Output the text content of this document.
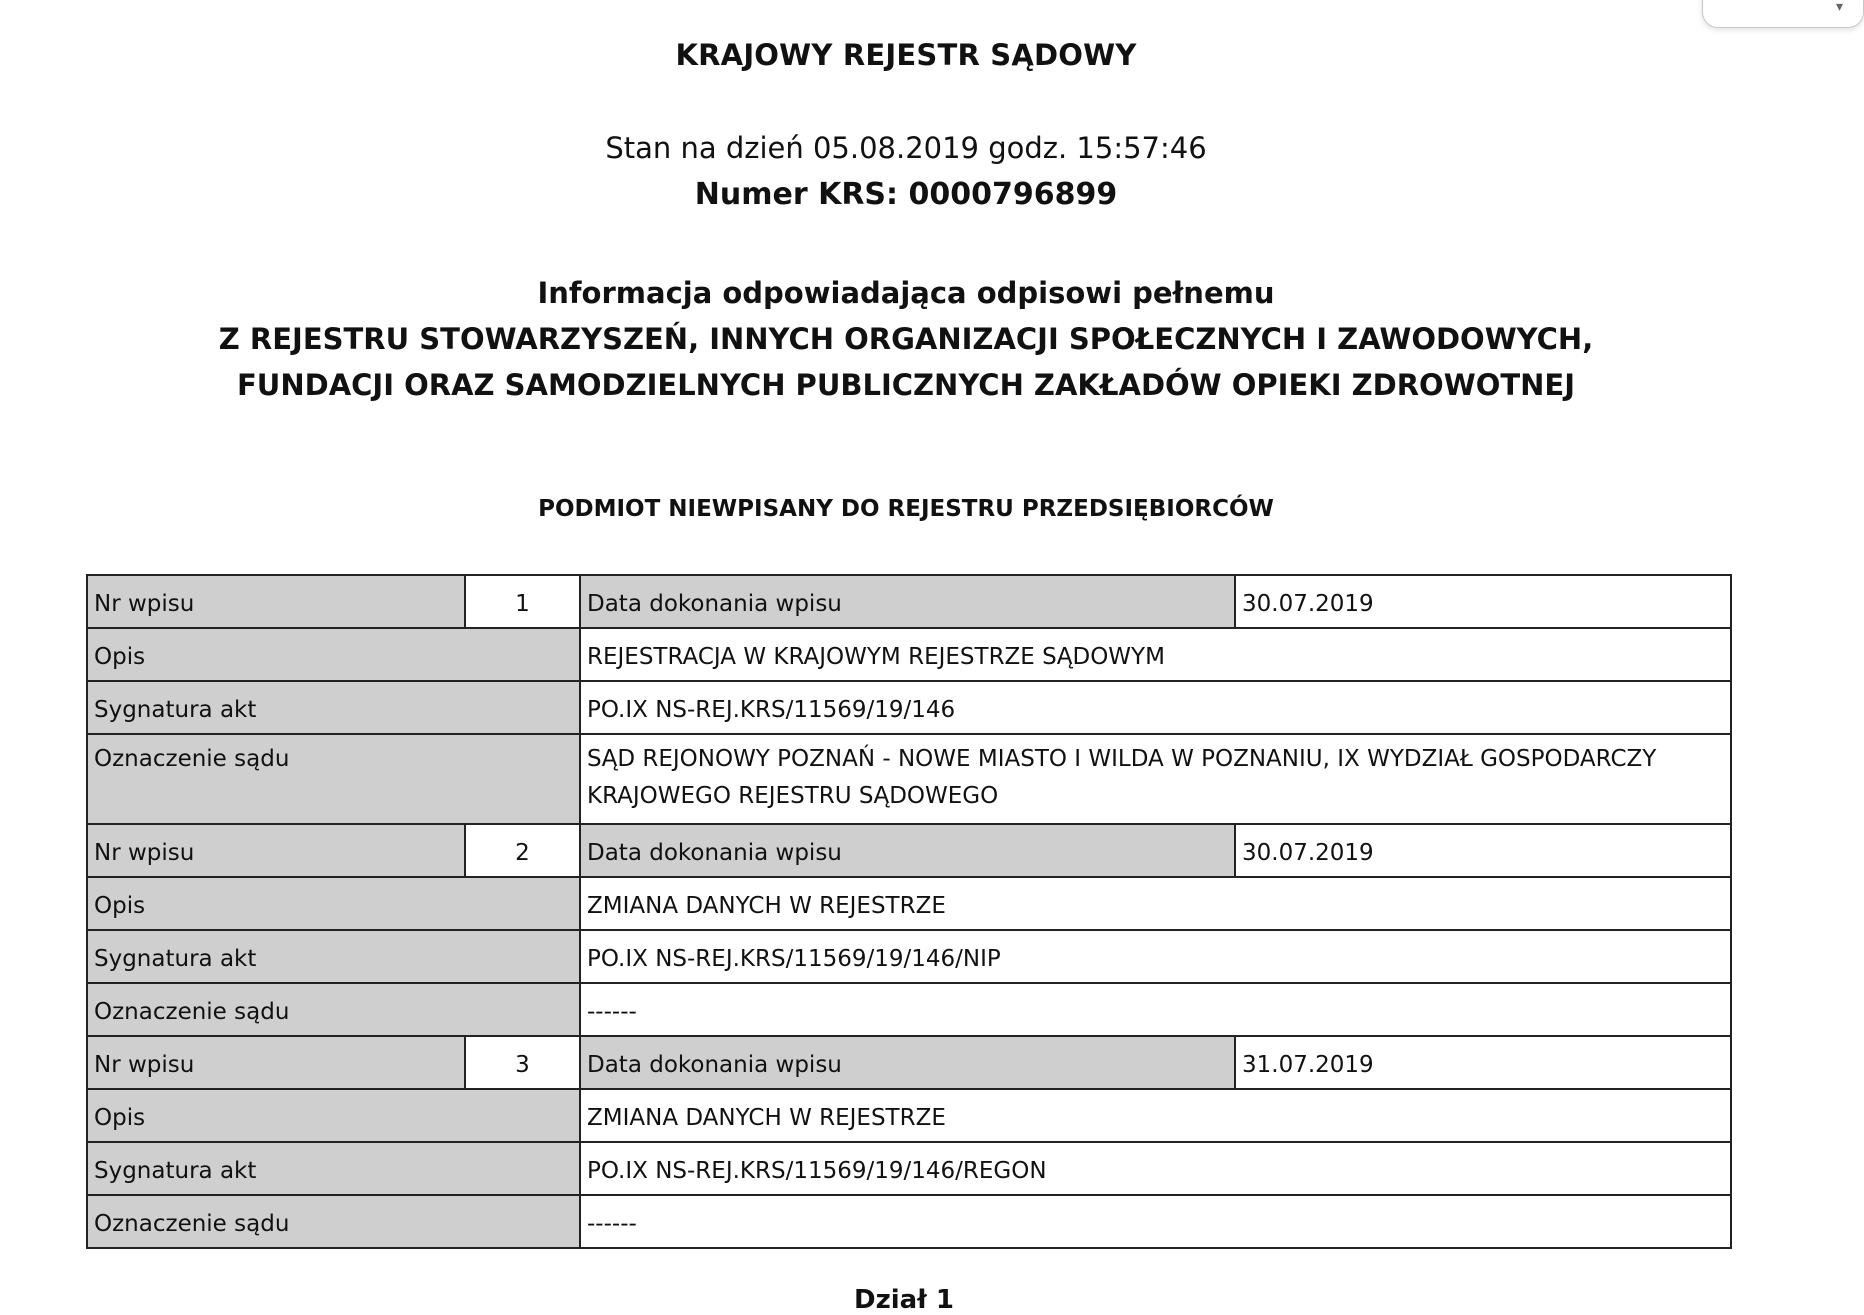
▾
KRAJOWY REJESTR SĄDOWY
Stan na dzień 05.08.2019 godz. 15:57:46
Numer KRS: 0000796899
Informacja odpowiadająca odpisowi pełnemu
Z REJESTRU STOWARZYSZEŃ, INNYCH ORGANIZACJI SPOŁECZNYCH I ZAWODOWYCH,
FUNDACJI ORAZ SAMODZIELNYCH PUBLICZNYCH ZAKŁADÓW OPIEKI ZDROWOTNEJ
PODMIOT NIEWPISANY DO REJESTRU PRZEDSIĘBIORCÓW
Nr wpisu	1	Data dokonania wpisu	30.07.2019
Opis		REJESTRACJA W KRAJOWYM REJESTRZE SĄDOWYM	
Sygnatura akt		PO.IX NS-REJ.KRS/11569/19/146	
Oznaczenie sądu		SĄD REJONOWY POZNAŃ - NOWE MIASTO I WILDA W POZNANIU, IX WYDZIAŁ GOSPODARCZY
KRAJOWEGO REJESTRU SĄDOWEGO	

Nr wpisu	2	Data dokonania wpisu	30.07.2019
Opis		ZMIANA DANYCH W REJESTRZE	
Sygnatura akt		PO.IX NS-REJ.KRS/11569/19/146/NIP	
Oznaczenie sądu		------	
Nr wpisu	3	Data dokonania wpisu	31.07.2019
Opis		ZMIANA DANYCH W REJESTRZE	
Sygnatura akt		PO.IX NS-REJ.KRS/11569/19/146/REGON	
Oznaczenie sądu		------	
Dział 1
